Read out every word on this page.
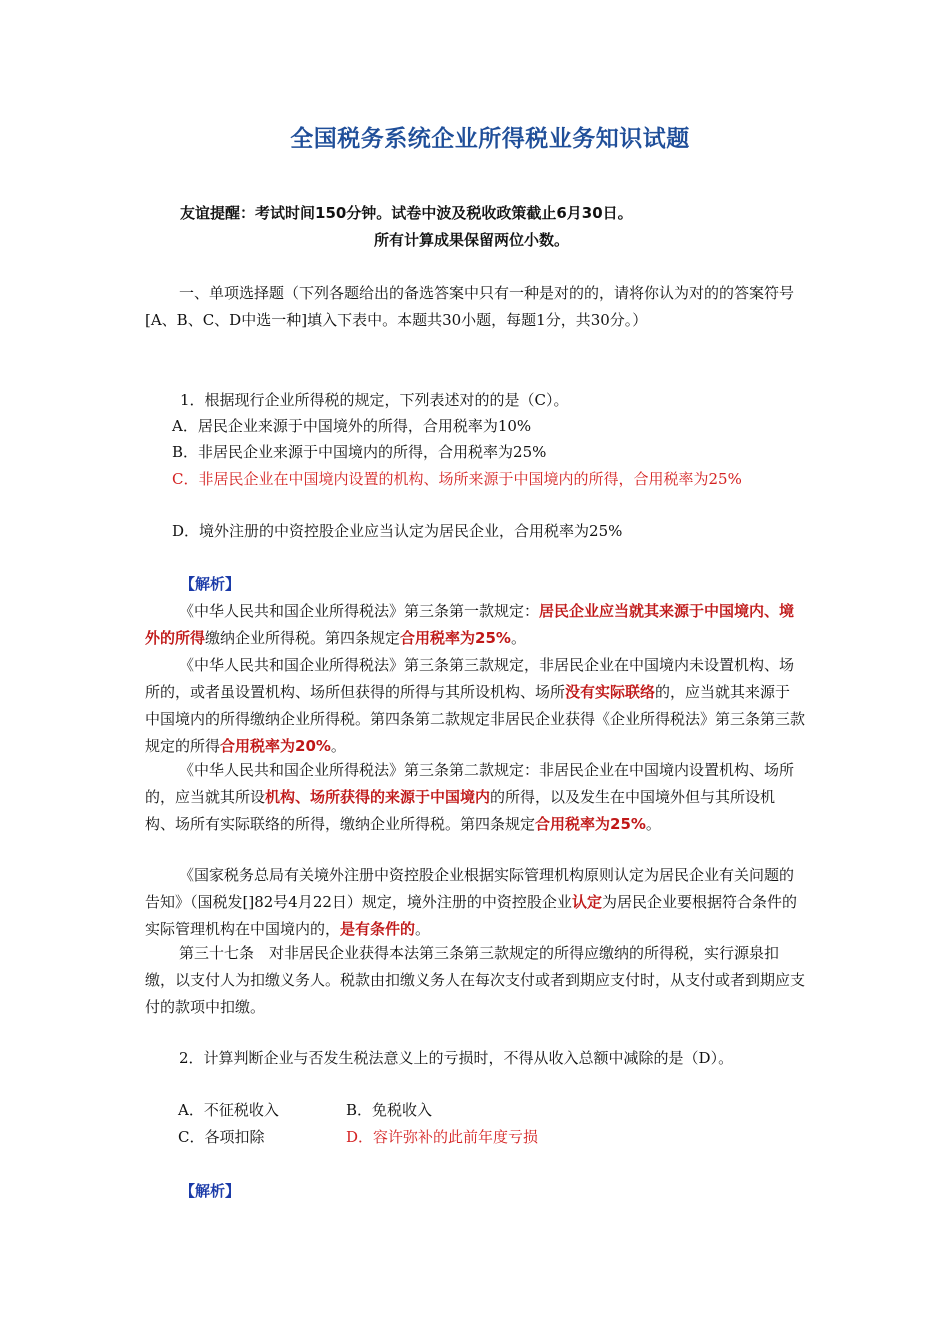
全国税务系统企业所得税业务知识试题
友谊提醒：考试时间150分钟。试卷中波及税收政策截止6月30日。
所有计算成果保留两位小数。
一、单项选择题（下列各题给出的备选答案中只有一种是对的的，请将你认为对的的答案符号[A、B、C、D中选一种]填入下表中。本题共30小题，每题1分，共30分。）
1．根据现行企业所得税的规定，下列表述对的的是（C）。
A．居民企业来源于中国境外的所得，合用税率为10%
B．非居民企业来源于中国境内的所得，合用税率为25%
C．非居民企业在中国境内设置的机构、场所来源于中国境内的所得，合用税率为25%
D．境外注册的中资控股企业应当认定为居民企业，合用税率为25%
【解析】
《中华人民共和国企业所得税法》第三条第一款规定：居民企业应当就其来源于中国境内、境外的所得缴纳企业所得税。第四条规定合用税率为25%。
《中华人民共和国企业所得税法》第三条第三款规定，非居民企业在中国境内未设置机构、场所的，或者虽设置机构、场所但获得的所得与其所设机构、场所没有实际联络的，应当就其来源于中国境内的所得缴纳企业所得税。第四条第二款规定非居民企业获得《企业所得税法》第三条第三款规定的所得合用税率为20%。
《中华人民共和国企业所得税法》第三条第二款规定：非居民企业在中国境内设置机构、场所的，应当就其所设机构、场所获得的来源于中国境内的所得，以及发生在中国境外但与其所设机构、场所有实际联络的所得，缴纳企业所得税。第四条规定合用税率为25%。
《国家税务总局有关境外注册中资控股企业根据实际管理机构原则认定为居民企业有关问题的告知》（国税发[]82号4月22日）规定，境外注册的中资控股企业认定为居民企业要根据符合条件的实际管理机构在中国境内的，是有条件的。
第三十七条　对非居民企业获得本法第三条第三款规定的所得应缴纳的所得税，实行源泉扣缴，以支付人为扣缴义务人。税款由扣缴义务人在每次支付或者到期应支付时，从支付或者到期应支付的款项中扣缴。
2．计算判断企业与否发生税法意义上的亏损时，不得从收入总额中减除的是（D）。
A．不征税收入	B．免税收入
C．各项扣除	D．容许弥补的此前年度亏损
【解析】
